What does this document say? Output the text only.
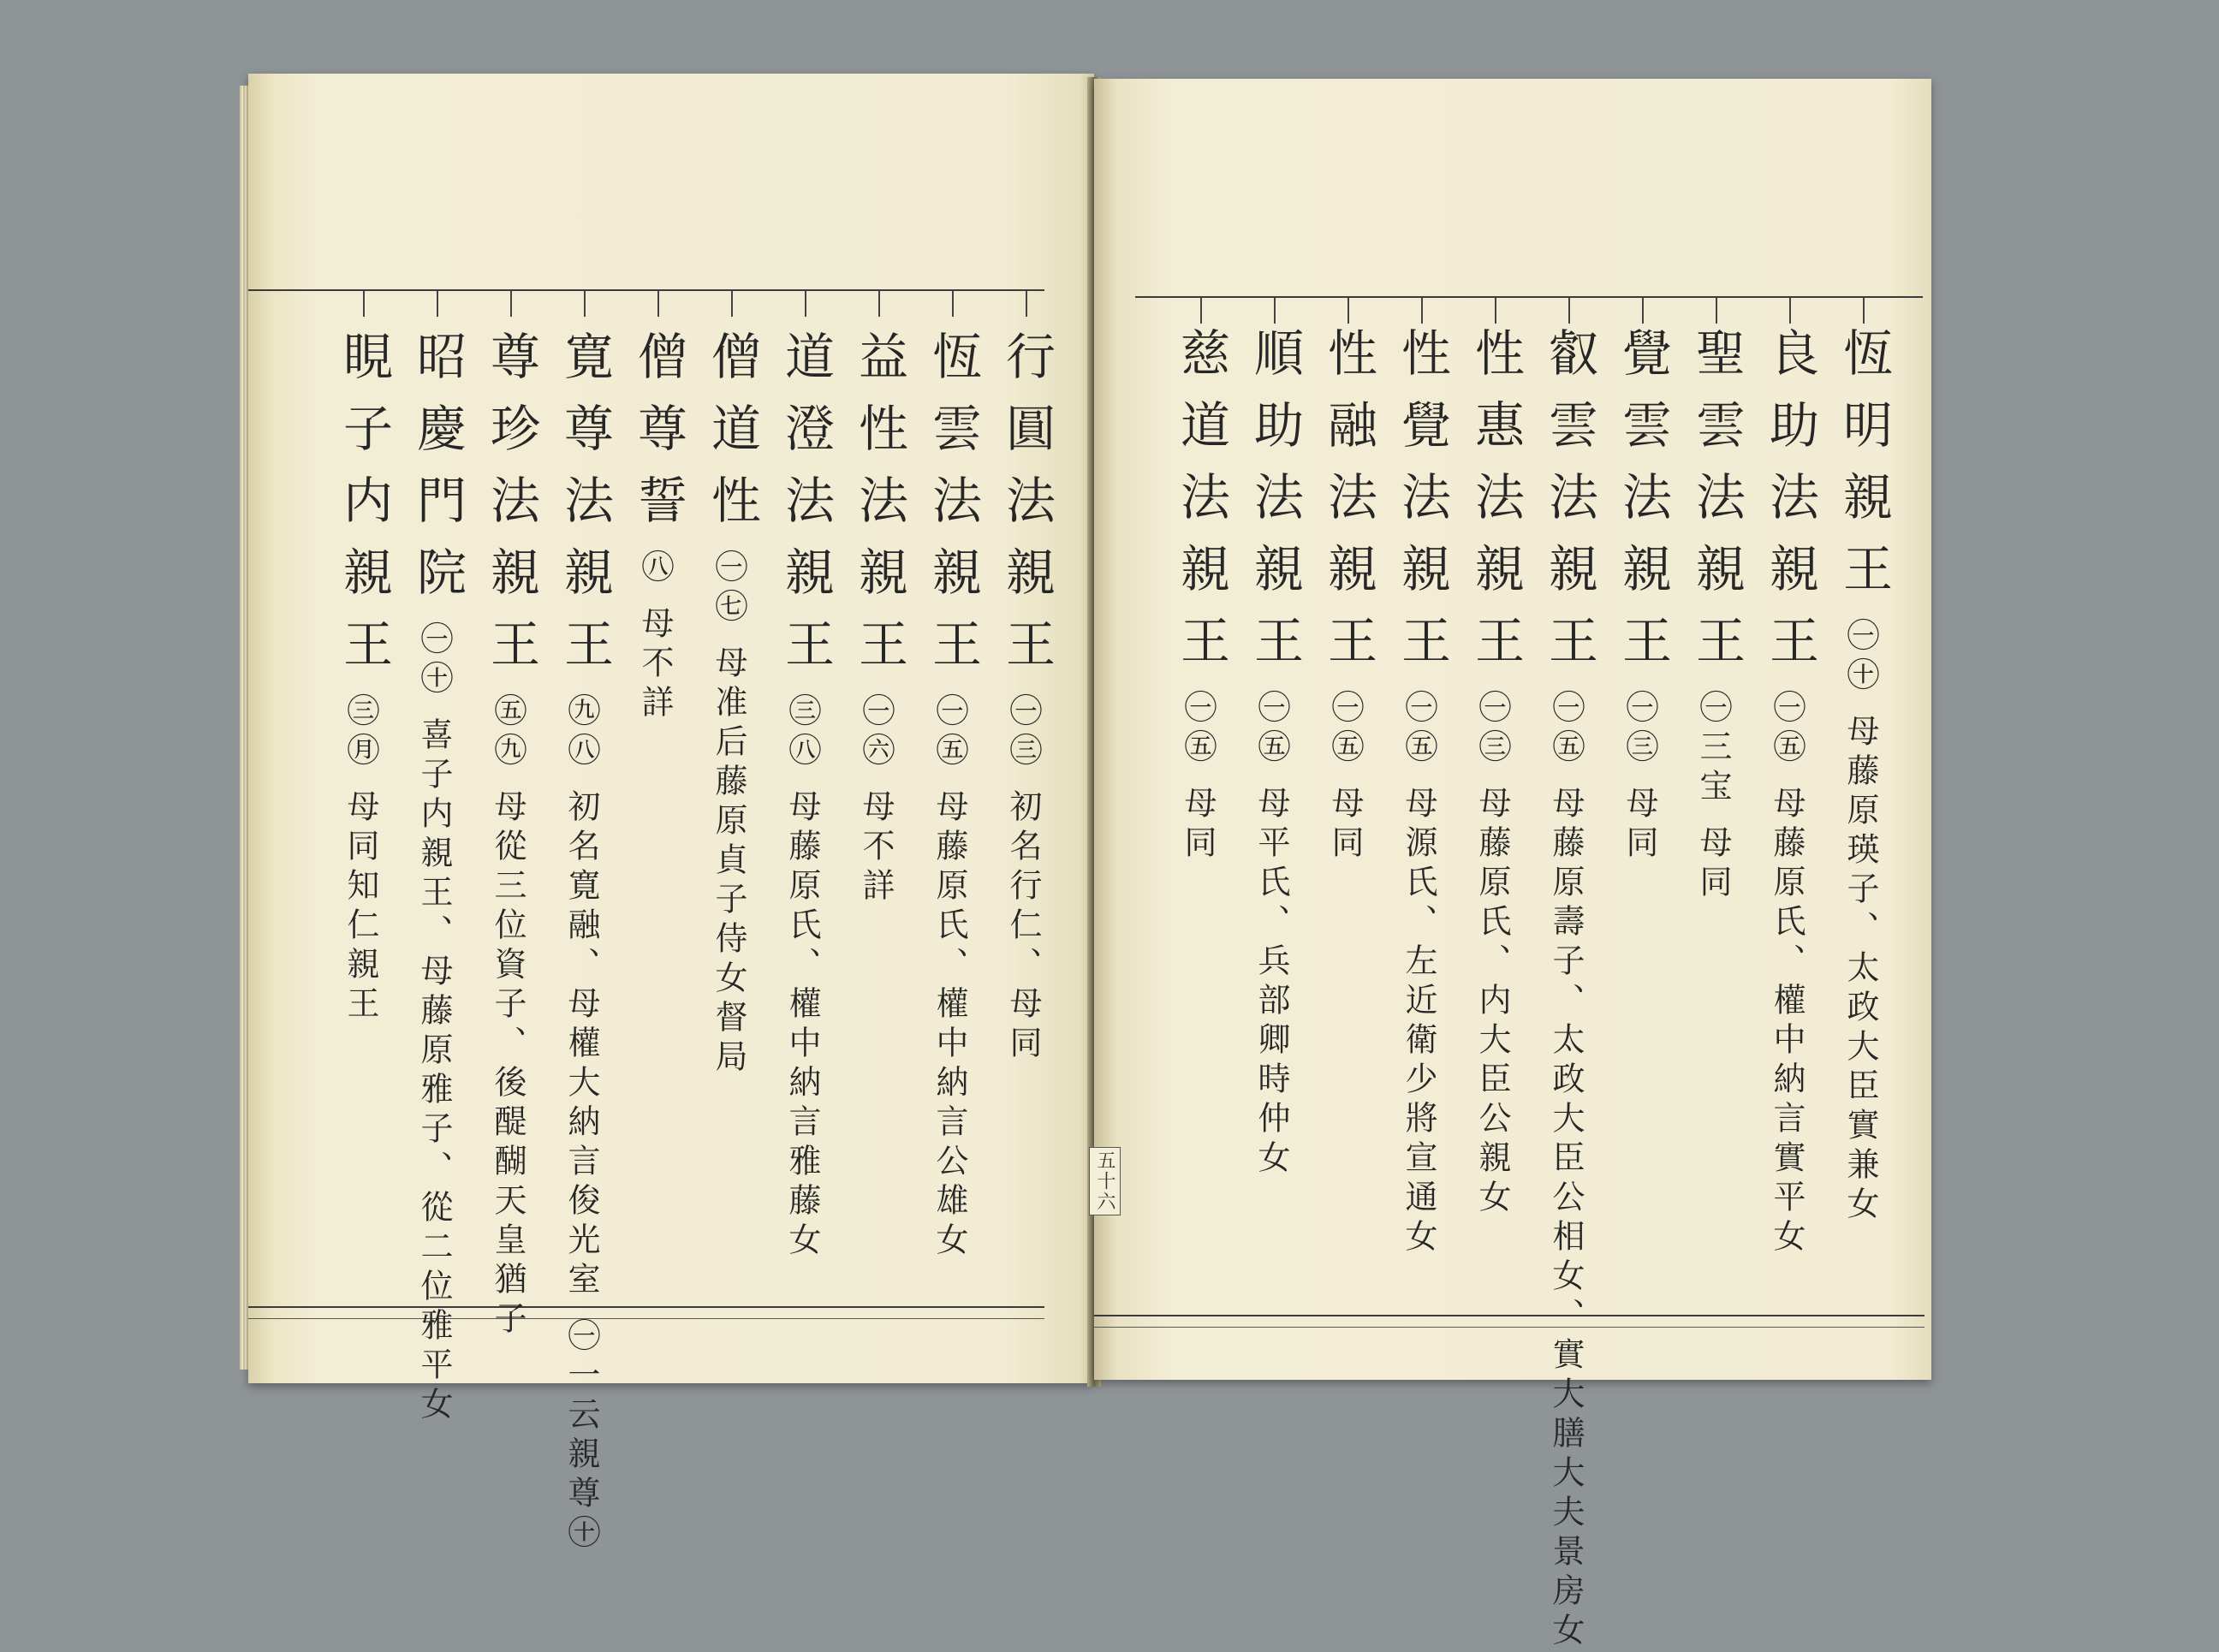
行圓法親王
㊀㊂ 初名行仁、母同
恆雲法親王
㊀㊄ 母藤原氏、權中納言公雄女
益性法親王
㊀㊅ 母不詳
道澄法親王
㊂㊇ 母藤原氏、權中納言雅藤女
僧道性
㊀㊆ 母准后藤原貞子侍女督局
僧尊誓
㊇ 母不詳
寛尊法親王
㊈㊇ 初名寛融、母權大納言俊光室 ㊀一云親尊㊉
尊珍法親王
㊄㊈ 母從三位資子、後醍醐天皇猶子
昭慶門院
㊀㊉ 喜子内親王、母藤原雅子、從二位雅平女
睍子内親王
㊂㊊ 母同知仁親王
恆明親王
㊀㊉ 母藤原瑛子、太政大臣實兼女
良助法親王
㊀㊄ 母藤原氏、權中納言實平女
聖雲法親王
㊀三宝 母同
覺雲法親王
㊀㊂ 母同
叡雲法親王
㊀㊄ 母藤原壽子、太政大臣公相女、實大膳大夫景房女
性惠法親王
㊀㊂ 母藤原氏、内大臣公親女
性覺法親王
㊀㊄ 母源氏、左近衛少將宣通女
性融法親王
㊀㊄ 母同
順助法親王
㊀㊄ 母平氏、兵部卿時仲女
慈道法親王
㊀㊄ 母同
五十六
